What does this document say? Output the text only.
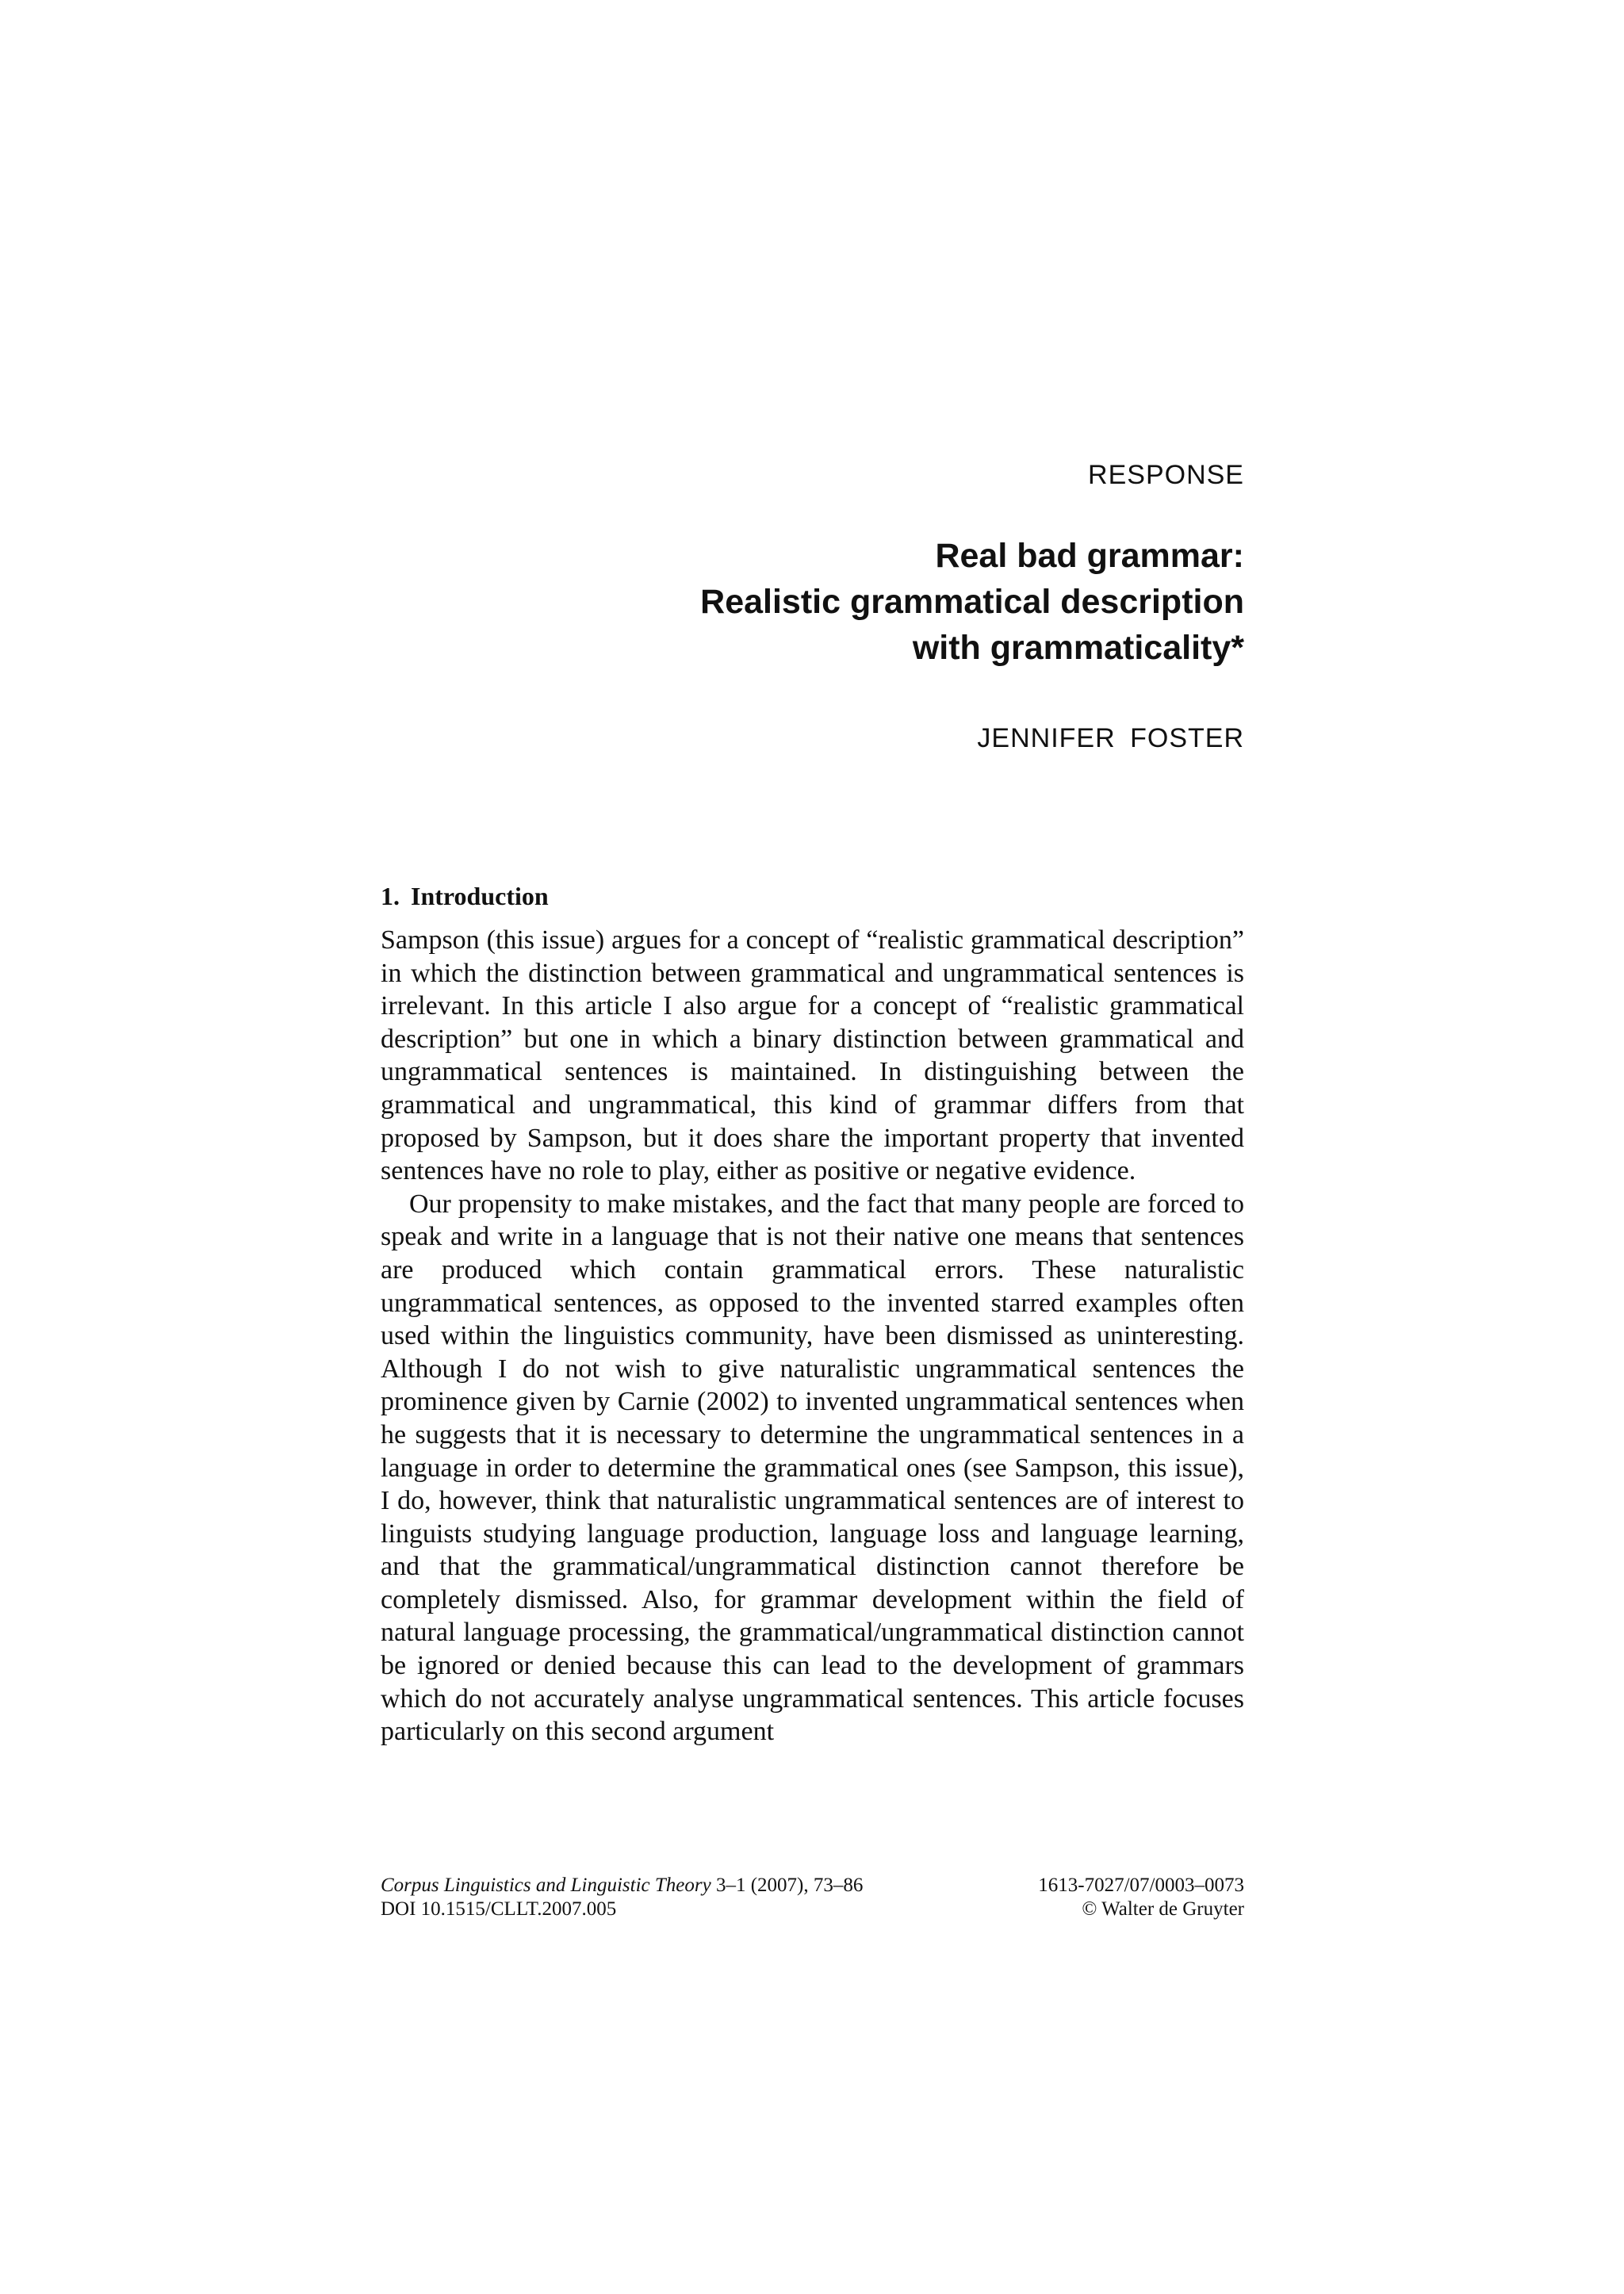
RESPONSE
Real bad grammar:
Realistic grammatical description
with grammaticality*
JENNIFER FOSTER
1. Introduction

Sampson (this issue) argues for a concept of “realistic grammatical description” in which the distinction between grammatical and ungrammatical sentences is irrelevant. In this article I also argue for a concept of “realistic grammatical description” but one in which a binary distinction between grammatical and ungrammatical sentences is maintained. In distinguishing between the grammatical and ungrammatical, this kind of grammar differs from that proposed by Sampson, but it does share the important property that invented sentences have no role to play, either as positive or negative evidence.

Our propensity to make mistakes, and the fact that many people are forced to speak and write in a language that is not their native one means that sentences are produced which contain grammatical errors. These naturalistic ungrammatical sentences, as opposed to the invented starred examples often used within the linguistics community, have been dismissed as uninteresting. Although I do not wish to give naturalistic ungrammatical sentences the prominence given by Carnie (2002) to invented ungrammatical sentences when he suggests that it is necessary to determine the ungrammatical sentences in a language in order to determine the grammatical ones (see Sampson, this issue), I do, however, think that naturalistic ungrammatical sentences are of interest to linguists studying language production, language loss and language learning, and that the grammatical/ungrammatical distinction cannot therefore be completely dismissed. Also, for grammar development within the field of natural language processing, the grammatical/ungrammatical distinction cannot be ignored or denied because this can lead to the development of grammars which do not accurately analyse ungrammatical sentences. This article focuses particularly on this second argument

Corpus Linguistics and Linguistic Theory 3–1 (2007), 73–86	1613-7027/07/0003–0073
DOI 10.1515/CLLT.2007.005	© Walter de Gruyter
